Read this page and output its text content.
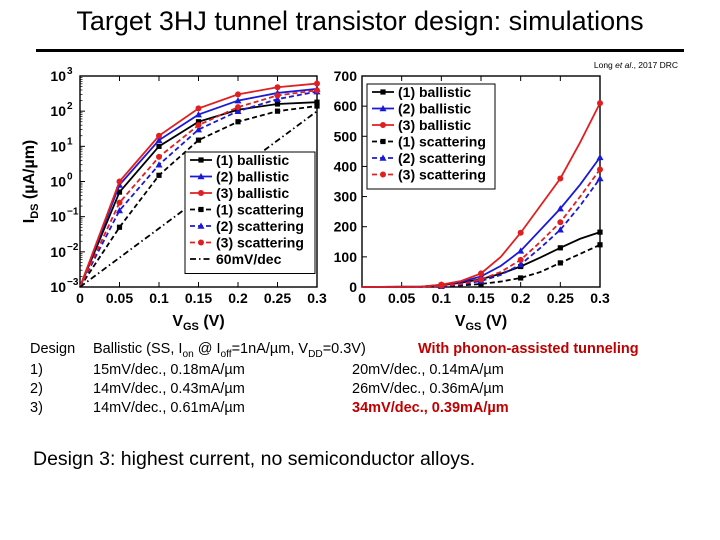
Target 3HJ tunnel transistor design: simulations
Long et al., 2017 DRC
0 0.05 0.1 0.15 0.2 0.25 0.3
10 −3
10 −2
10 −1
10 0
10 1
10 2
10 3
$I_{DS}$ (µA/µm)
$V_{GS}$ (V)
(1) ballistic
(2) ballistic
(3) ballistic
(1) scattering
(2) scattering
(3) scattering
60mV/dec
0 0.05 0.1 0.15 0.2 0.25 0.3
0
100
200
300
400
500
600
700
$V_{GS}$ (V)
(1) ballistic
(2) ballistic
(3) ballistic
(1) scattering
(2) scattering
(3) scattering
Design Ballistic (SS, $I_{on}$ @ $I_{off}=1nA/\mu m$, $V_{DD}=0.3V$)	With phonon-assisted tunneling
1)	15mV/dec., 0.18mA/µm	20mV/dec., 0.14mA/µm
2)	14mV/dec., 0.43mA/µm	26mV/dec., 0.36mA/µm
3)	14mV/dec., 0.61mA/µm	34mV/dec., 0.39mA/µm
Design 3: highest current, no semiconductor alloys.
